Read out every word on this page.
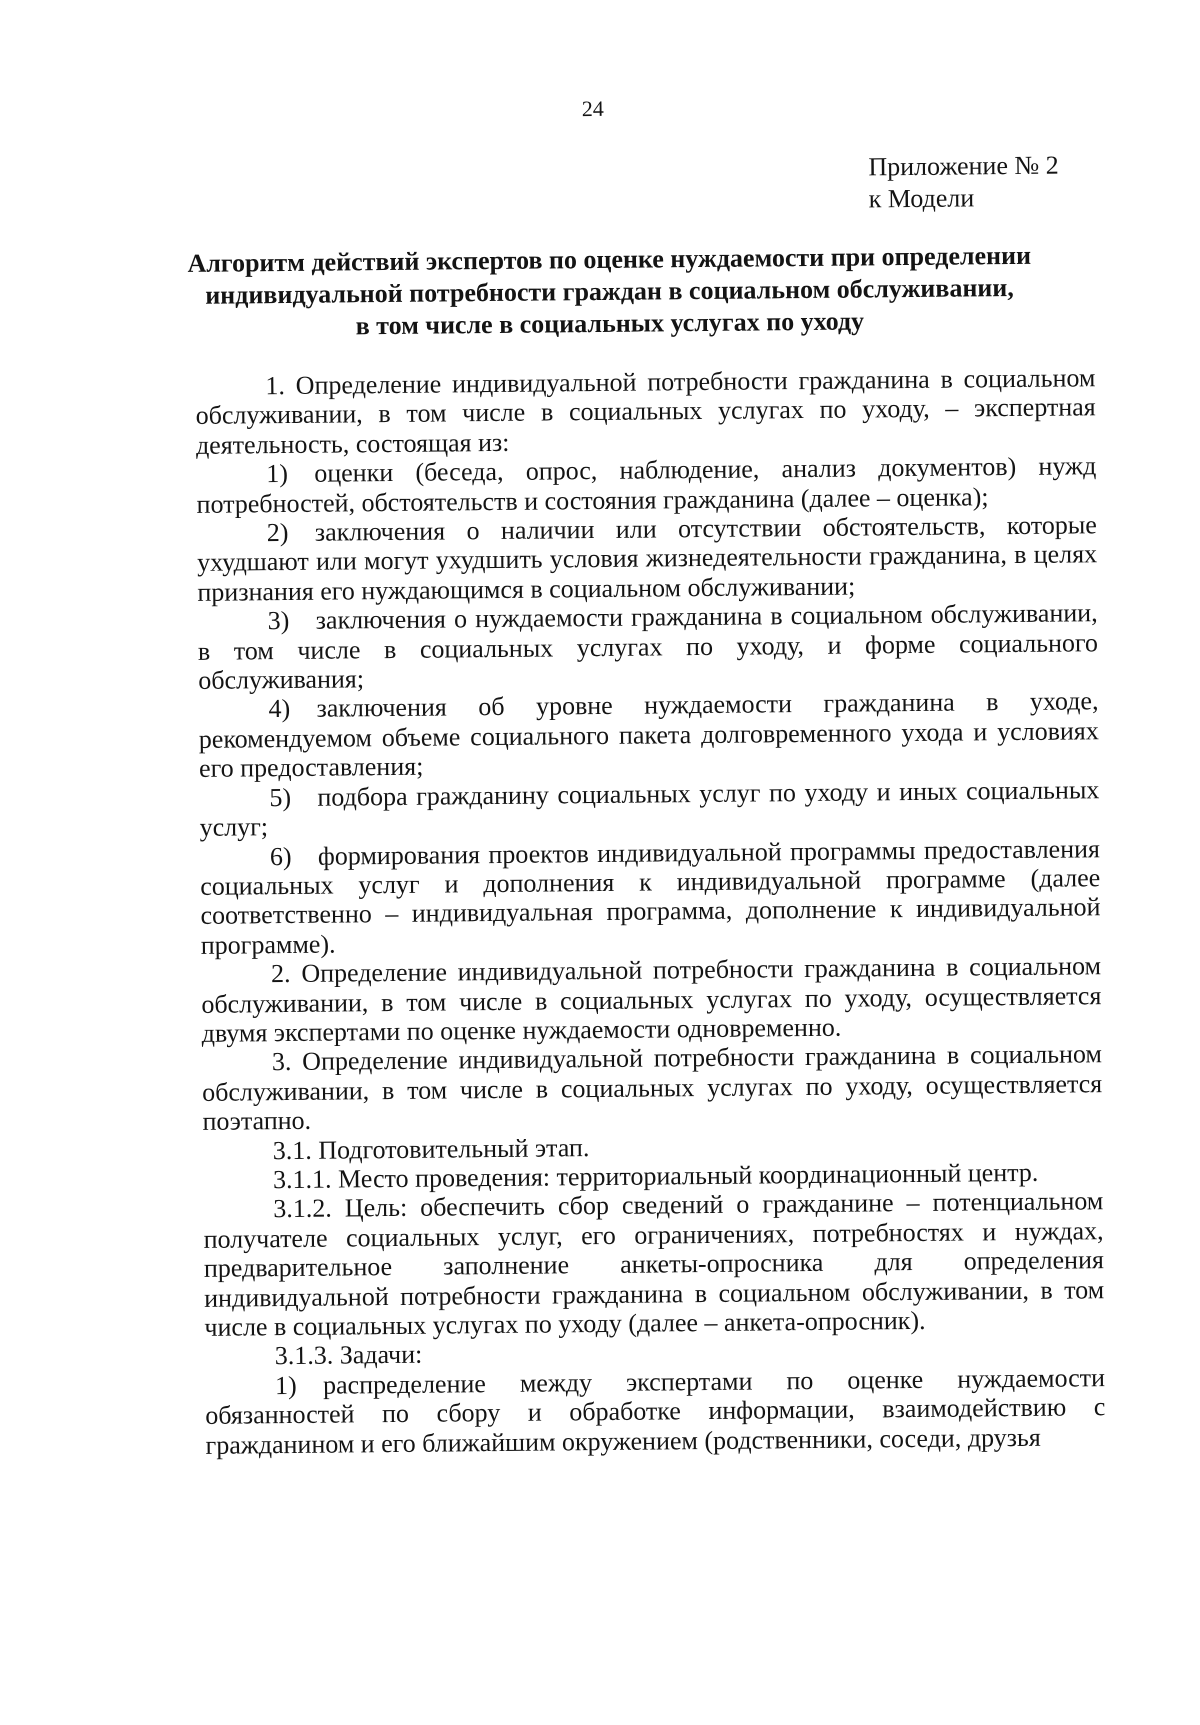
24
Приложение № 2
к Модели
Алгоритм действий экспертов по оценке нуждаемости при определении
индивидуальной потребности граждан в социальном обслуживании,
в том числе в социальных услугах по уходу

1. Определение индивидуальной потребности гражданина в социальном обслуживании, в том числе в социальных услугах по уходу, – экспертная деятельность, состоящая из:

1) оценки (беседа, опрос, наблюдение, анализ документов) нужд потребностей, обстоятельств и состояния гражданина (далее – оценка);

2) заключения о наличии или отсутствии обстоятельств, которые ухудшают или могут ухудшить условия жизнедеятельности гражданина, в целях признания его нуждающимся в социальном обслуживании;

3) заключения о нуждаемости гражданина в социальном обслуживании, в том числе в социальных услугах по уходу, и форме социального обслуживания;

4) заключения об уровне нуждаемости гражданина в уходе, рекомендуемом объеме социального пакета долговременного ухода и условиях его предоставления;

5) подбора гражданину социальных услуг по уходу и иных социальных услуг;

6) формирования проектов индивидуальной программы предоставления социальных услуг и дополнения к индивидуальной программе (далее соответственно – индивидуальная программа, дополнение к индивидуальной программе).

2. Определение индивидуальной потребности гражданина в социальном обслуживании, в том числе в социальных услугах по уходу, осуществляется двумя экспертами по оценке нуждаемости одновременно.

3. Определение индивидуальной потребности гражданина в социальном обслуживании, в том числе в социальных услугах по уходу, осуществляется поэтапно.

3.1. Подготовительный этап.

3.1.1. Место проведения: территориальный координационный центр.

3.1.2. Цель: обеспечить сбор сведений о гражданине – потенциальном получателе социальных услуг, его ограничениях, потребностях и нуждах, предварительное заполнение анкеты-опросника для определения индивидуальной потребности гражданина в социальном обслуживании, в том числе в социальных услугах по уходу (далее – анкета-опросник).

3.1.3. Задачи:

1) распределение между экспертами по оценке нуждаемости обязанностей по сбору и обработке информации, взаимодействию с гражданином и его ближайшим окружением (родственники, соседи, друзья
